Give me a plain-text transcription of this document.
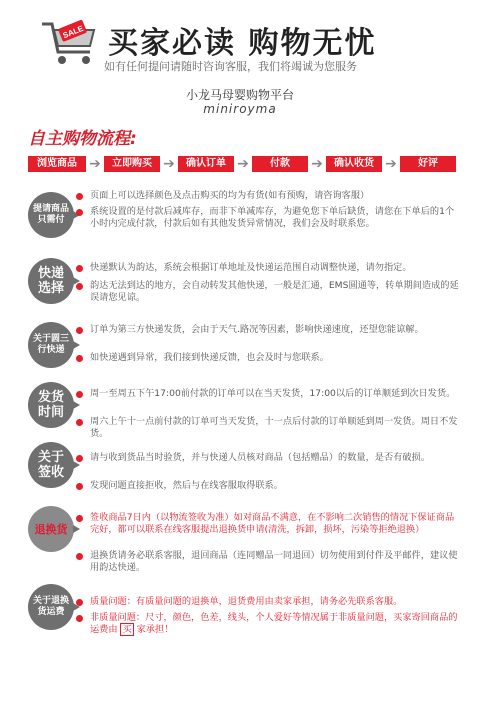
SALE 买家必读 购物无忧
如有任何提问请随时咨询客服，我们将竭诚为您服务
小龙马母婴购物平台
miniroyma
自主购物流程:
浏览商品 ➔	立即购买 ➔	确认订单 ➔	付款	➔	确认收货 ➔	好评
提请商品
只需付
页面上可以选择颜色及点击购买的均为有货(如有预购，请咨询客服）
系统设置的是付款后减库存，而非下单减库存，为避免您下单后缺货，请您在下单后的1个小时内完成付款，付款后如有其他发货异常情况，我们会及时联系您。
快递
选择
快递默认为韵达，系统会根据订单地址及快递运范围自动调整快递，请勿指定。
韵达无法到达的地方，会自动转发其他快递，一般是汇通，EMS圆通等，转单期间造成的延误请您见谅。
关于圆三
行快递
订单为第三方快递发货，会由于天气.路况等因素，影响快递速度，还望您能谅解。
如快递遇到异常，我们接到快递反馈，也会及时与您联系。
发货
时间
周一至周五下午17:00前付款的订单可以在当天发货，17:00以后的订单顺延到次日发货。
周六上午十一点前付款的订单可当天发货，十一点后付款的订单顺延到周一发货。周日不发货。
关于
签收
请与收到货品当时验货，并与快递人员核对商品（包括赠品）的数量，是否有破损。
发现问题直接拒收，然后与在线客服取得联系。
退换货
签收商品7日内（以物流签收为准）如对商品不满意，在不影响二次销售的情况下保证商品完好，都可以联系在线客服提出退换货申请(清洗，拆卸，损坏，污染等拒绝退换）
退换货请务必联系客服，退回商品（连同赠品一同退回）切勿使用到付件及平邮件，建议使用韵达快递。
关于退换
货运费
质量问题：有质量问题的退换单，退货费用由卖家承担，请务必先联系客服。
非质量问题：尺寸，颜色，色差，线头，个人爱好等情况属于非质量问题，买家寄回商品的运费由 买 家承担！
